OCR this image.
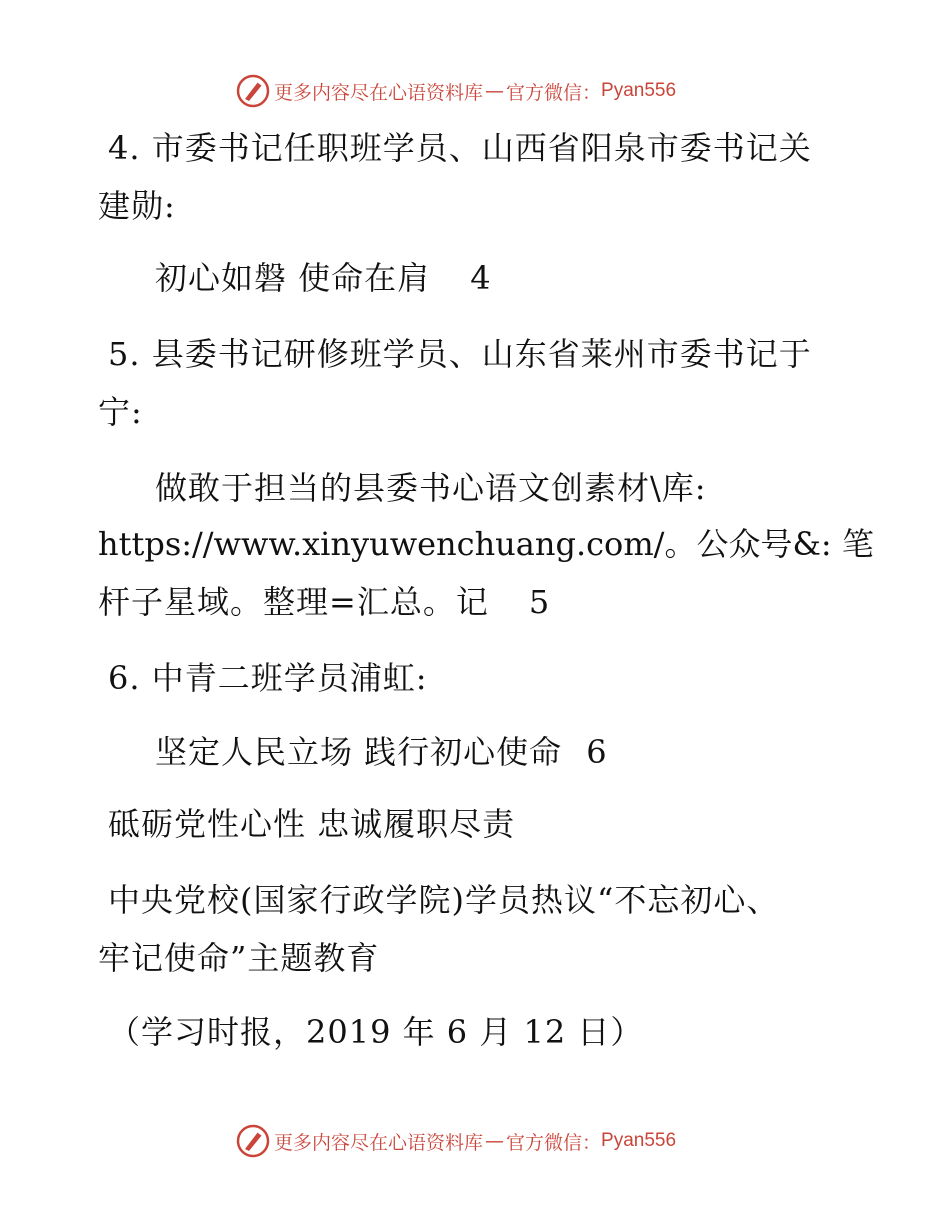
更多内容尽在心语资料库 — 官方微信： Pyan556
4. 市委书记任职班学员、山西省阳泉市委书记关
建勋:
初心如磐 使命在肩 4
5. 县委书记研修班学员、山东省莱州市委书记于
宁:
做敢于担当的县委书心语文创素材\库:
https://www.xinyuwenchuang.com/。公众号&: 笔
杆子星域。整理=汇总。记 5
6. 中青二班学员浦虹:
坚定人民立场 践行初心使命 6
砥砺党性心性 忠诚履职尽责
中央党校(国家行政学院)学员热议“不忘初心、
牢记使命”主题教育
（学习时报，2019 年 6 月 12 日）
更多内容尽在心语资料库 — 官方微信： Pyan556
